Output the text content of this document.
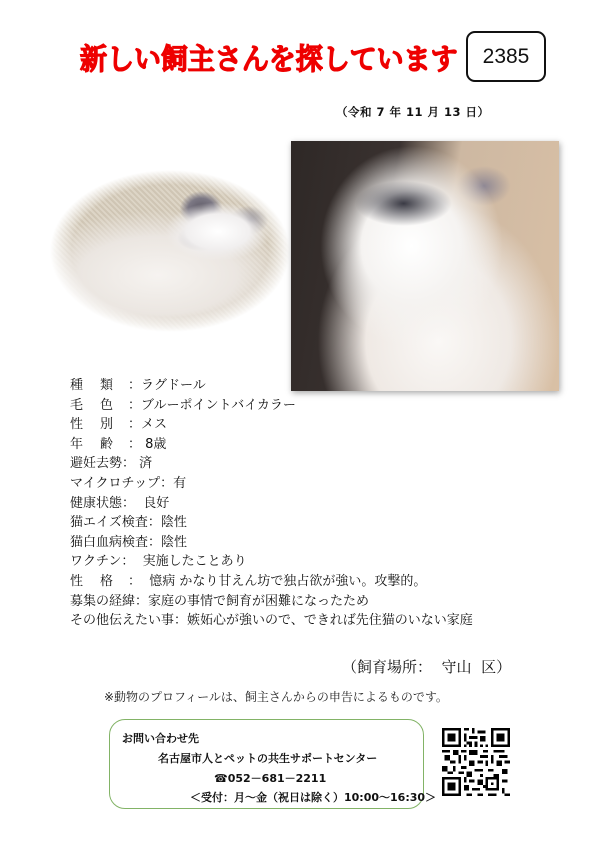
新しい飼主さんを探しています	2385
（令和 7 年 11 月 13 日）
種 類 ：ラグドール
毛 色 ：ブルーポイントバイカラー
性 別 ：メス
年 齢 ： 8歳
避妊去勢： 済
マイクロチップ：有
健康状態：  良好
猫エイズ検査：陰性
猫白血病検査：陰性
ワクチン：  実施したことあり
性 格 ：  憶病 かなり甘えん坊で独占欲が強い。攻撃的。
募集の経緯：家庭の事情で飼育が困難になったため
その他伝えたい事：嫉妬心が強いので、できれば先住猫のいない家庭
（飼育場所：  守山  区）
※動物のプロフィールは、飼主さんからの申告によるものです。
お問い合わせ先
名古屋市人とペットの共生サポートセンター
☎052－681－2211
＜受付：月～金（祝日は除く）10:00～16:30＞
